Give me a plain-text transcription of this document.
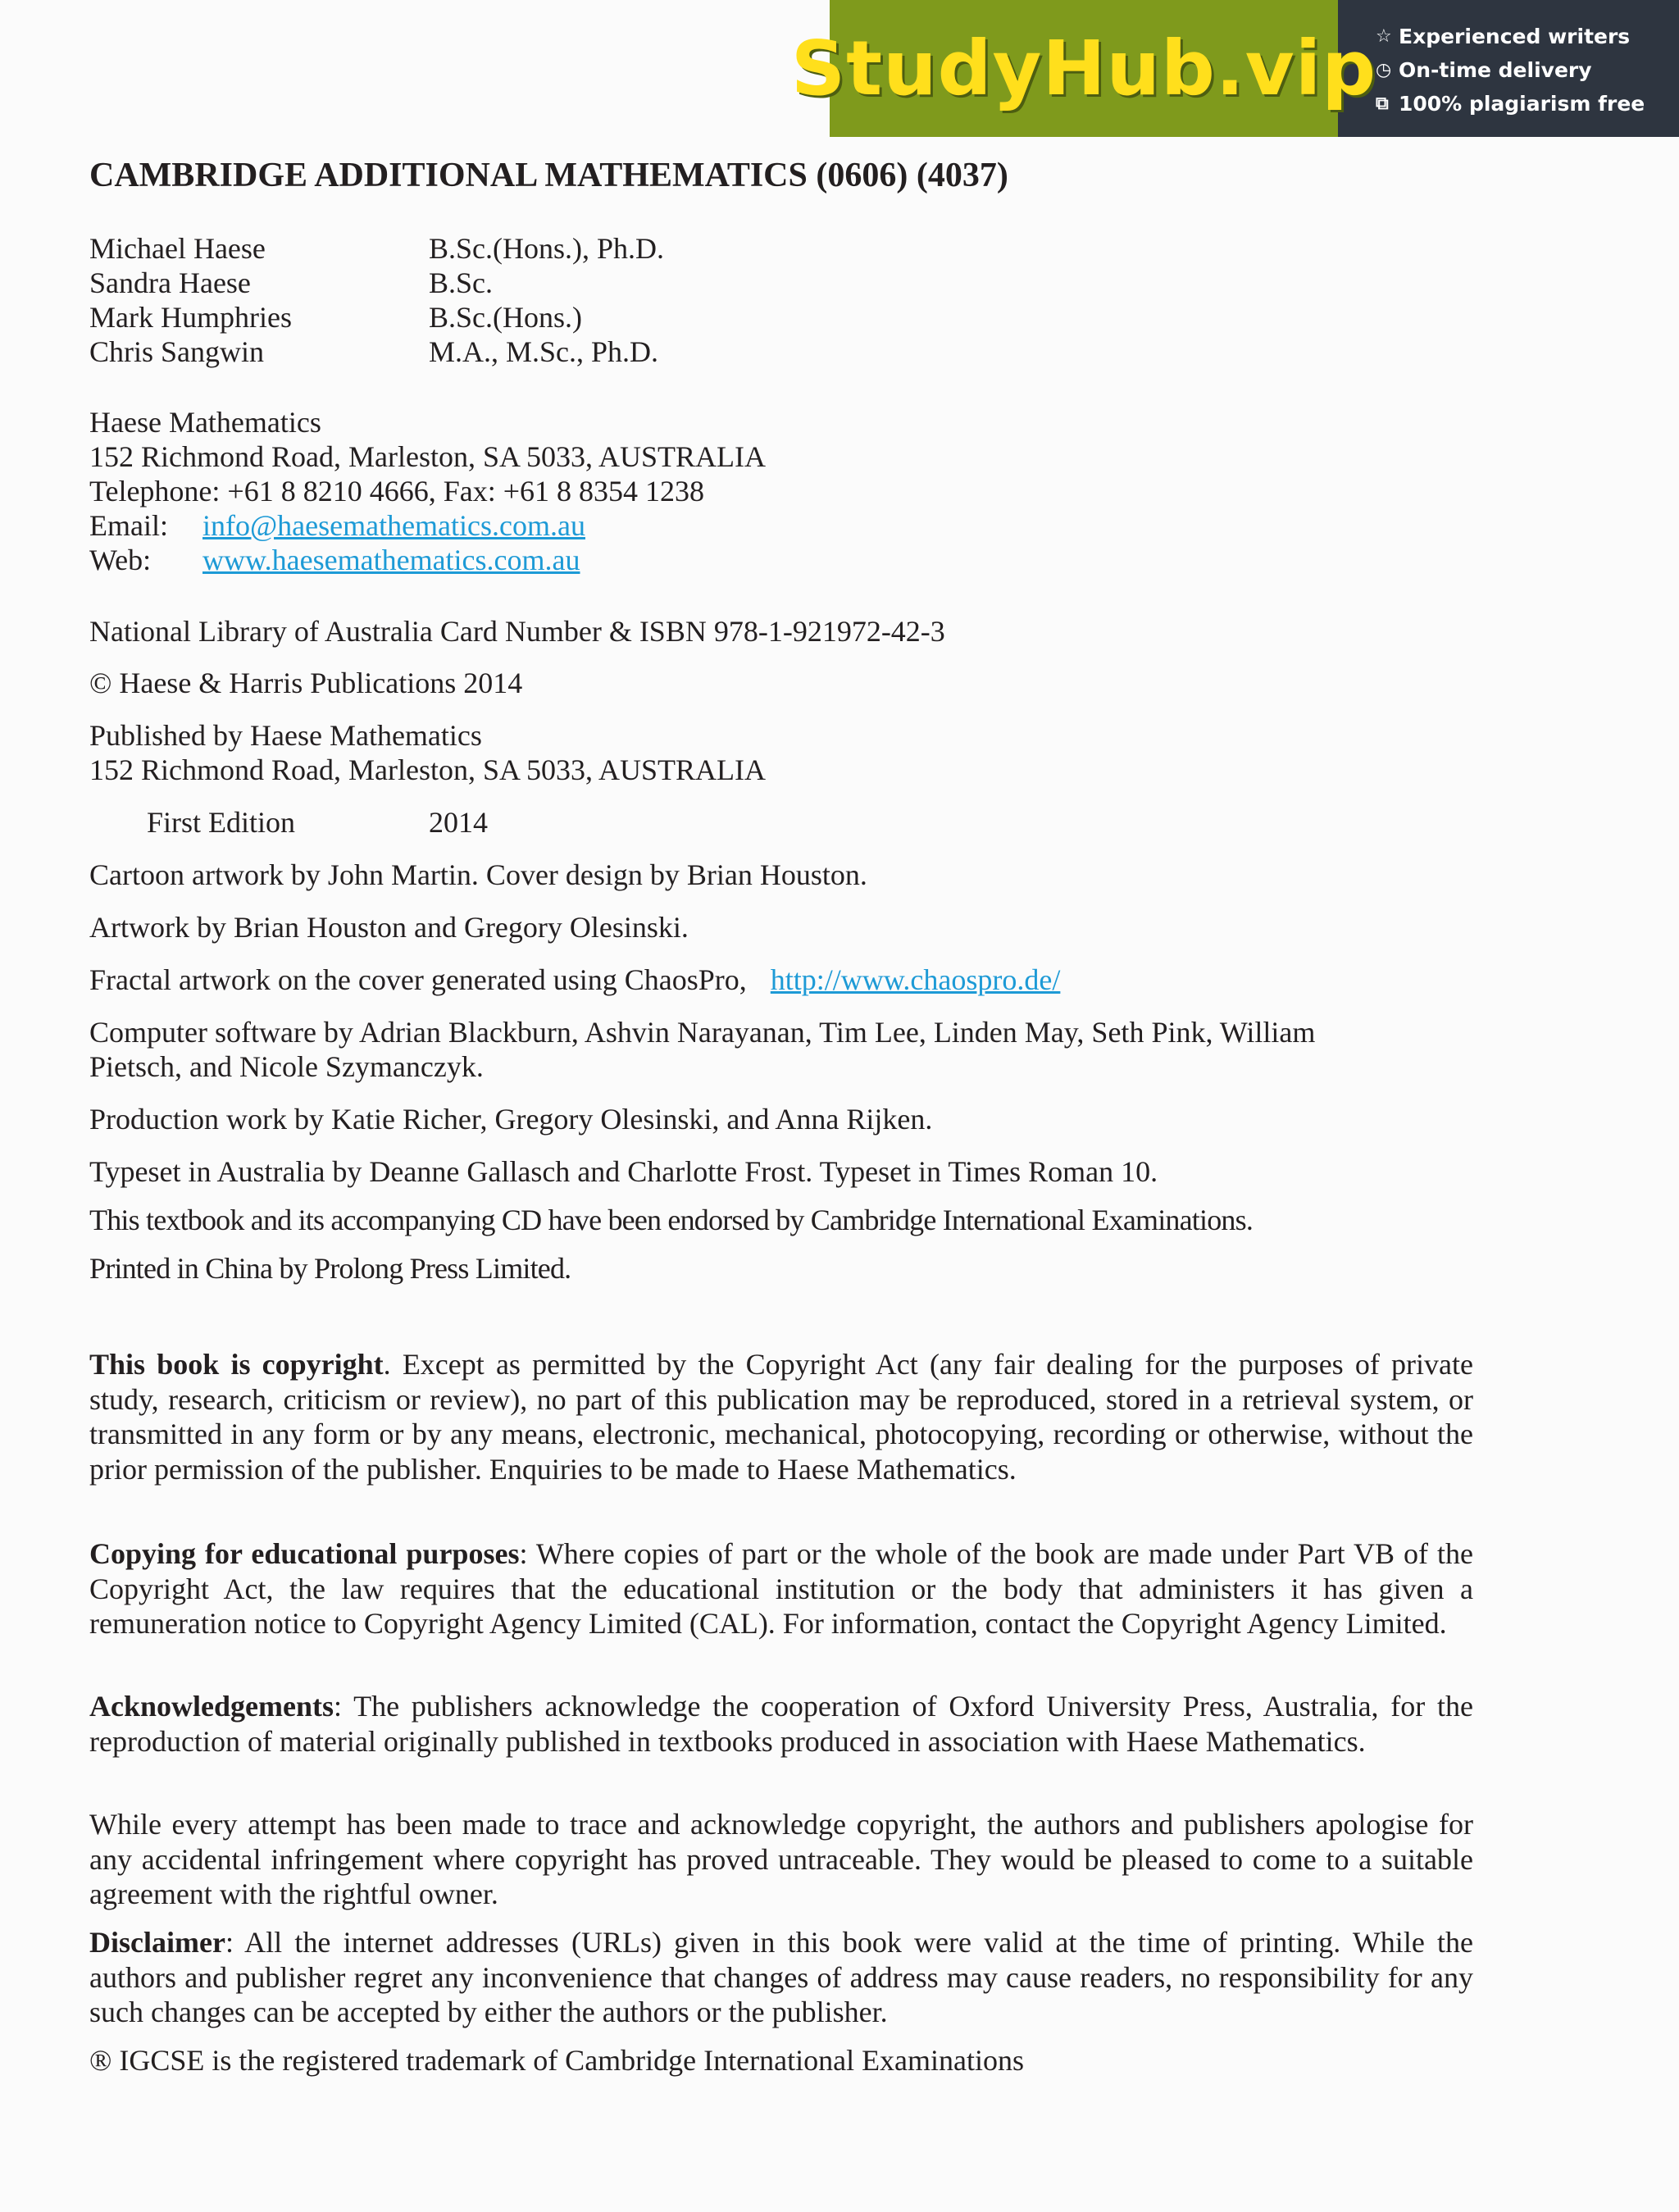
StudyHub.vip
☆ Experienced writers
◷ On-time delivery
⧉ 100% plagiarism free
CAMBRIDGE ADDITIONAL MATHEMATICS (0606) (4037)
Michael Haese	B.Sc.(Hons.), Ph.D.
Sandra Haese	B.Sc.
Mark Humphries	B.Sc.(Hons.)
Chris Sangwin	M.A., M.Sc., Ph.D.
Haese Mathematics
152 Richmond Road, Marleston, SA 5033, AUSTRALIA
Telephone: +61 8 8210 4666, Fax: +61 8 8354 1238
Email: info@haesemathematics.com.au
Web: www.haesemathematics.com.au
National Library of Australia Card Number & ISBN 978-1-921972-42-3
© Haese & Harris Publications 2014
Published by Haese Mathematics
152 Richmond Road, Marleston, SA 5033, AUSTRALIA
First Edition	2014
Cartoon artwork by John Martin. Cover design by Brian Houston.
Artwork by Brian Houston and Gregory Olesinski.
Fractal artwork on the cover generated using ChaosPro, http://www.chaospro.de/
Computer software by Adrian Blackburn, Ashvin Narayanan, Tim Lee, Linden May, Seth Pink, William
Pietsch, and Nicole Szymanczyk.
Production work by Katie Richer, Gregory Olesinski, and Anna Rijken.
Typeset in Australia by Deanne Gallasch and Charlotte Frost. Typeset in Times Roman 10.
This textbook and its accompanying CD have been endorsed by Cambridge International Examinations.
Printed in China by Prolong Press Limited.
This book is copyright. Except as permitted by the Copyright Act (any fair dealing for the purposes of private study, research, criticism or review), no part of this publication may be reproduced, stored in a retrieval system, or transmitted in any form or by any means, electronic, mechanical, photocopying, recording or otherwise, without the prior permission of the publisher. Enquiries to be made to Haese Mathematics.
Copying for educational purposes: Where copies of part or the whole of the book are made under Part VB of the Copyright Act, the law requires that the educational institution or the body that administers it has given a remuneration notice to Copyright Agency Limited (CAL). For information, contact the Copyright Agency Limited.
Acknowledgements: The publishers acknowledge the cooperation of Oxford University Press, Australia, for the reproduction of material originally published in textbooks produced in association with Haese Mathematics.
While every attempt has been made to trace and acknowledge copyright, the authors and publishers apologise for any accidental infringement where copyright has proved untraceable. They would be pleased to come to a suitable agreement with the rightful owner.
Disclaimer: All the internet addresses (URLs) given in this book were valid at the time of printing. While the authors and publisher regret any inconvenience that changes of address may cause readers, no responsibility for any such changes can be accepted by either the authors or the publisher.
® IGCSE is the registered trademark of Cambridge International Examinations
